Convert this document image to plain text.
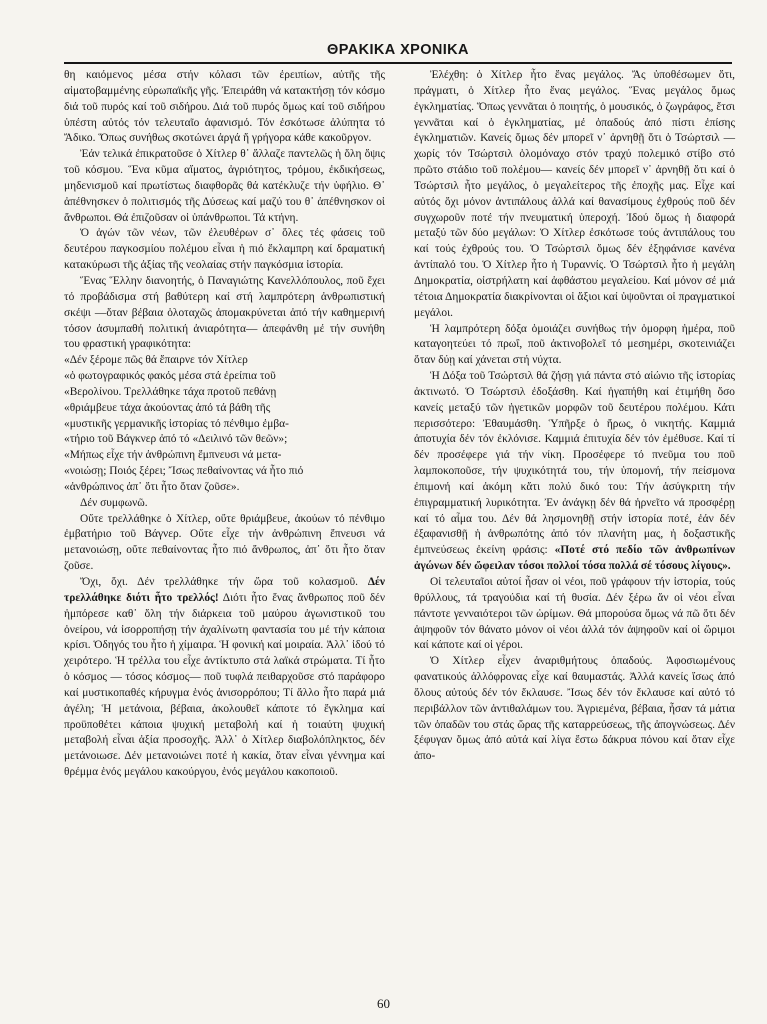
ΘΡΑΚΙΚΑ ΧΡΟΝΙΚΑ

θη καιόμενος μέσα στήν κόλασι τῶν ἐρειπίων, αὐτῆς τῆς αἱματοβαμμένης εὐρωπαϊκῆς γῆς. Ἐπειράθη νά κατακτήσῃ τόν κόσμο διά τοῦ πυρός καί τοῦ σιδήρου. Διά τοῦ πυρός ὅμως καί τοῦ σιδήρου ὑπέστη αὐτός τόν τελευταῖο ἀφανισμό. Τόν ἐσκότωσε ἀλύπητα τό Ἄδικο. Ὅπως συνήθως σκοτώνει ἀργά ἤ γρήγορα κάθε κακοῦργον.

Ἐάν τελικά ἐπικρατοῦσε ὁ Χίτλερ θ᾽ ἄλλαζε παντελῶς ἡ ὅλη ὄψις τοῦ κόσμου. Ἕνα κῦμα αἵματος, ἀγριότητος, τρόμου, ἐκδικήσεως, μηδενισμοῦ καί πρωτίστως διαφθορᾶς θά κατέκλυζε τήν ὑφήλιο. Θ᾽ ἀπέθνησκεν ὁ πολιτισμός τῆς Δύσεως καί μαζύ του θ᾽ ἀπέθνησκον οἱ ἄνθρωποι. Θά ἐπιζοῦσαν οἱ ὑπάνθρωποι. Τά κτήνη.

Ὁ ἀγών τῶν νέων, τῶν ἐλευθέρων σ᾽ ὅλες τές φάσεις τοῦ δευτέρου παγκοσμίου πολέμου εἶναι ἡ πιό ἔκλαμπρη καί δραματική κατακύρωσι τῆς ἀξίας τῆς νεολαίας στήν παγκόσμια ἱστορία.

Ἕνας Ἕλλην διανοητής, ὁ Παναγιώτης Κανελλόπουλος, ποῦ ἔχει τό προβάδισμα στή βαθύτερη καί στή λαμπρότερη ἀνθρωπιστική σκέψι —ὅταν βέβαια ὁλοταχῶς ἀπομακρύνεται ἀπό τήν καθημερινή τόσον ἀσυμπαθή πολιτική ἀνιαρότητα— ἀπεφάνθη μέ τήν συνήθη του φραστική γραφικότητα:

«Δέν ξέρομε πῶς θά ἔπαιρνε τόν Χίτλερ

«ὁ φωτογραφικός φακός μέσα στά ἐρείπια τοῦ

«Βερολίνου. Τρελλάθηκε τάχα προτοῦ πεθάνῃ

«θριάμβευε τάχα ἀκούοντας ἀπό τά βάθη τῆς

«μυστικῆς γερμανικῆς ἱστορίας τό πένθιμο ἐμβα-

«τήριο τοῦ Βάγκνερ ἀπό τό «Δειλινό τῶν θεῶν»;

«Μήπως εἶχε τήν ἀνθρώπινη ἔμπνευσι νά μετα-

«νοιώσῃ; Ποιός ξέρει; Ἴσως πεθαίνοντας νά ἦτο πιό

«ἀνθρώπινος ἀπ᾽ ὅτι ἦτο ὅταν ζοῦσε».

Δέν συμφωνῶ.

Οὔτε τρελλάθηκε ὁ Χίτλερ, οὔτε θριάμβευε, ἀκούων τό πένθιμο ἐμβατήριο τοῦ Βάγνερ. Οὔτε εἶχε τήν ἀνθρώπινη ἔπνευσι νά μετανοιώσῃ, οὔτε πεθαίνοντας ἦτο πιό ἄνθρωπος, ἀπ᾽ ὅτι ἦτο ὅταν ζοῦσε.

Ὄχι, ὄχι. Δέν τρελλάθηκε τήν ὥρα τοῦ κολασμοῦ. Δέν τρελλάθηκε διότι ἦτο τρελλός! Διότι ἦτο ἕνας ἄνθρωπος ποῦ δέν ἠμπόρεσε καθ᾽ ὅλη τήν διάρκεια τοῦ μαύρου ἀγωνιστικοῦ του ὀνείρου, νά ἰσορροπήσῃ τήν ἀχαλίνωτη φαντασία του μέ τήν κάποια κρίσι. Ὁδηγός του ἦτο ἡ χίμαιρα. Ἡ φονική καί μοιραία. Ἀλλ᾽ ἰδού τό χειρότερο. Ἡ τρέλλα του εἶχε ἀντίκτυπο στά λαϊκά στρώματα. Τί ἦτο ὁ κόσμος — τόσος κόσμος— ποῦ τυφλά πειθαρχοῦσε στό παράφορο καί μυστικοπαθές κήρυγμα ἑνός ἀνισορρόπου; Τί ἄλλο ἦτο παρά μιά ἀγέλη; Ἡ μετάνοια, βέβαια, ἀκολουθεῖ κάποτε τό ἔγκλημα καί προϋποθέτει κάποια ψυχική μεταβολή καί ἡ τοιαύτη ψυχική μεταβολή εἶναι ἀξία προσοχῆς. Ἀλλ᾽ ὁ Χίτλερ διαβολόπληκτος, δέν μετάνοιωσε. Δέν μετανοιώνει ποτέ ἡ κακία, ὅταν εἶναι γέννημα καί θρέμμα ἑνός μεγάλου κακούργου, ἑνός μεγάλου κακοποιοῦ.

Ἐλέχθη: ὁ Χίτλερ ἦτο ἕνας μεγάλος. Ἄς ὑποθέσωμεν ὅτι, πράγματι, ὁ Χίτλερ ἦτο ἕνας μεγάλος. Ἕνας μεγάλος ὅμως ἐγκληματίας. Ὅπως γεννᾶται ὁ ποιητής, ὁ μουσικός, ὁ ζωγράφος, ἔτσι γεννᾶται καί ὁ ἐγκληματίας, μέ ὁπαδούς ἀπό πίστι ἐπίσης ἐγκληματιῶν. Κανείς ὅμως δέν μπορεῖ ν᾽ ἀρνηθῇ ὅτι ὁ Τσώρτσιλ —χωρίς τόν Τσώρτσιλ ὁλομόναχο στόν τραχύ πολεμικό στίβο στό πρῶτο στάδιο τοῦ πολέμου— κανείς δέν μπορεῖ ν᾽ ἀρνηθῇ ὅτι καί ὁ Τσώρτσιλ ἦτο μεγάλος, ὁ μεγαλείτερος τῆς ἐποχῆς μας. Εἶχε καί αὐτός ὄχι μόνον ἀντιπάλους ἀλλά καί θανασίμους ἐχθρούς ποῦ δέν συγχωροῦν ποτέ τήν πνευματική ὑπεροχή. Ἰδού ὅμως ἡ διαφορά μεταξύ τῶν δύο μεγάλων: Ὁ Χίτλερ ἐσκότωσε τούς ἀντιπάλους του καί τούς ἐχθρούς του. Ὁ Τσώρτσιλ ὅμως δέν ἐξηφάνισε κανένα ἀντίπαλό του. Ὁ Χίτλερ ἦτο ἡ Τυραννίς. Ὁ Τσώρτσιλ ἦτο ἡ μεγάλη Δημοκρατία, οἰστρήλατη καί ἀφθάστου μεγαλείου. Καί μόνον σέ μιά τέτοια Δημοκρατία διακρίνονται οἱ ἄξιοι καί ὑψοῦνται οἱ πραγματικοί μεγάλοι.

Ἡ λαμπρότερη δόξα ὁμοιάζει συνήθως τήν ὁμορφη ἡμέρα, ποῦ καταγοητεύει τό πρωΐ, ποῦ ἀκτινοβολεῖ τό μεσημέρι, σκοτεινιάζει ὅταν δύῃ καί χάνεται στή νύχτα.

Ἡ Δόξα τοῦ Τσώρτσιλ θά ζήσῃ γιά πάντα στό αἰώνιο τῆς ἱστορίας ἀκτινωτό. Ὁ Τσώρτσιλ ἐδοξάσθη. Καί ἠγαπήθη καί ἐτιμήθη ὅσο κανείς μεταξύ τῶν ἡγετικῶν μορφῶν τοῦ δευτέρου πολέμου. Κάτι περισσότερο: Ἐθαυμάσθη. Ὑπῆρξε ὁ ἥρως, ὁ νικητής. Καμμιά ἀποτυχία δέν τόν ἐκλόνισε. Καμμιά ἐπιτυχία δέν τόν ἐμέθυσε. Καί τί δέν προσέφερε γιά τήν νίκη. Προσέφερε τό πνεῦμα του ποῦ λαμποκοποῦσε, τήν ψυχικότητά του, τήν ὑπομονή, τήν πείσμονα ἐπιμονή καί ἀκόμη κἄτι πολύ δικό του: Τήν ἀσύγκριτη τήν ἐπιγραμματική λυρικότητα. Ἐν ἀνάγκῃ δέν θά ἠρνεῖτο νά προσφέρῃ καί τό αἷμα του. Δέν θά λησμονηθῇ στήν ἱστορία ποτέ, ἐάν δέν ἐξαφανισθῇ ἡ ἀνθρωπότης ἀπό τόν πλανήτη μας, ἡ δοξαστικῆς ἐμπνεύσεως ἐκείνη φράσις: «Ποτέ στό πεδίο τῶν ἀνθρωπίνων ἀγώνων δέν ὤφειλαν τόσοι πολλοί τόσα πολλά σέ τόσους λίγους».

Οἱ τελευταῖοι αὐτοί ἦσαν οἱ νέοι, ποῦ γράφουν τήν ἱστορία, τούς θρύλλους, τά τραγούδια καί τή θυσία. Δέν ξέρω ἄν οἱ νέοι εἶναι πάντοτε γενναιότεροι τῶν ὡρίμων. Θά μπορούσα ὅμως νά πῶ ὅτι δέν ἀψηφοῦν τόν θάνατο μόνον οἱ νέοι ἀλλά τόν ἀψηφοῦν καί οἱ ὥριμοι καί κάποτε καί οἱ γέροι.

Ὁ Χίτλερ εἶχεν ἀναριθμήτους ὀπαδούς. Ἀφοσιωμένους φανατικούς ἀλλόφρονας εἶχε καί θαυμαστάς. Ἀλλά κανείς ἴσως ἀπό ὅλους αὐτούς δέν τόν ἔκλαυσε. Ἴσως δέν τόν ἔκλαυσε καί αὐτό τό περιβάλλον τῶν ἀντιθαλάμων του. Ἀγριεμένα, βέβαια, ἦσαν τά μάτια τῶν ὀπαδῶν του στάς ὥρας τῆς καταρρεύσεως, τῆς ἀπογνώσεως. Δέν ξέφυγαν ὅμως ἀπό αὐτά καί λίγα ἔστω δάκρυα πόνου καί ὅταν εἶχε ἀπο-

60
